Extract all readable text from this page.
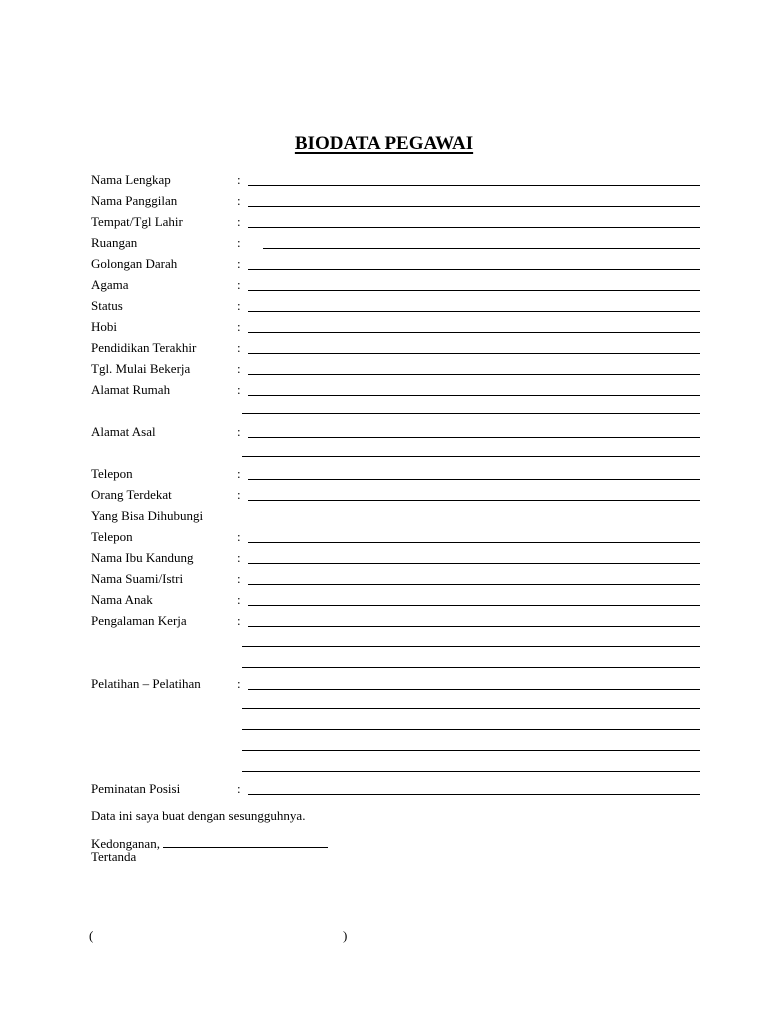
BIODATA PEGAWAI
Nama Lengkap	:
Nama Panggilan	:
Tempat/Tgl Lahir	:
Ruangan	:
Golongan Darah	:
Agama	:
Status	:
Hobi	:
Pendidikan Terakhir	:
Tgl. Mulai Bekerja	:
Alamat Rumah	:
Alamat Asal	:
Telepon	:
Orang Terdekat	:
Yang Bisa Dihubungi
Telepon	:
Nama Ibu Kandung	:
Nama Suami/Istri	:
Nama Anak	:
Pengalaman Kerja	:
Pelatihan – Pelatihan	:
Peminatan Posisi	:
Data ini saya buat dengan sesungguhnya.
Kedonganan,
Tertanda
(	)
